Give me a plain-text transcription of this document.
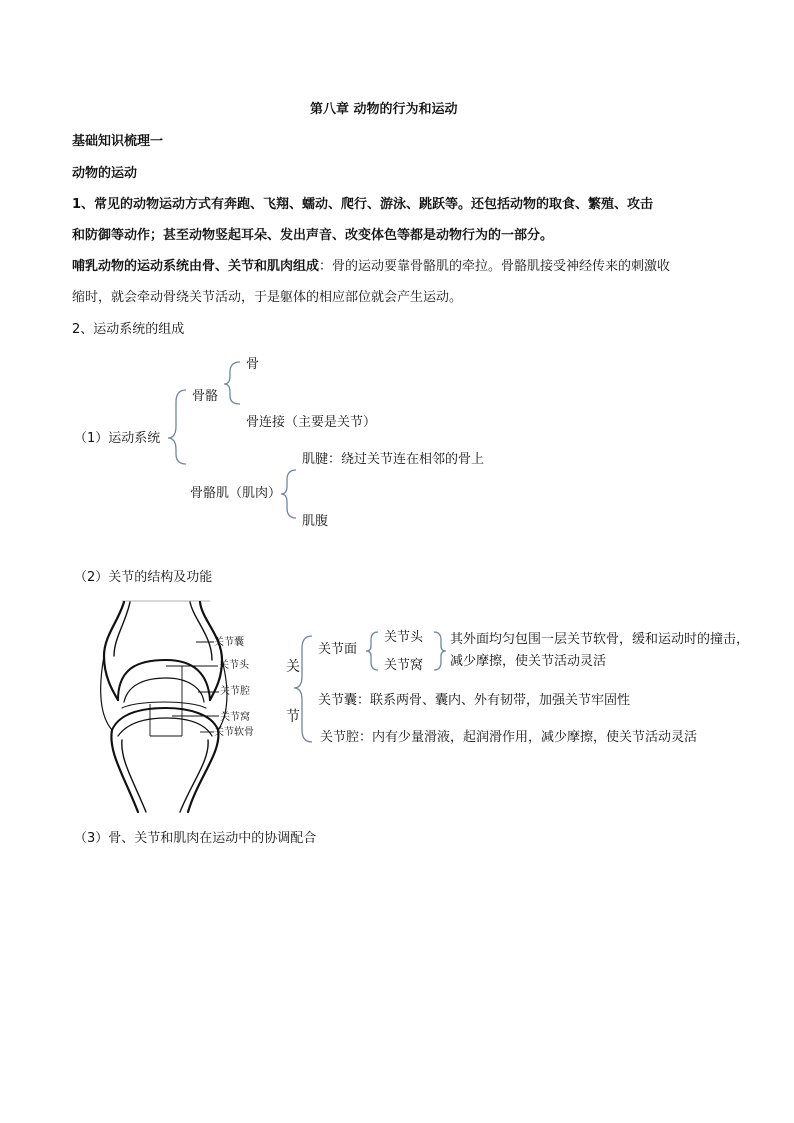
第八章 动物的行为和运动
基础知识梳理一
动物的运动
1、常见的动物运动方式有奔跑、飞翔、蠕动、爬行、游泳、跳跃等。还包括动物的取食、繁殖、攻击
和防御等动作；甚至动物竖起耳朵、发出声音、改变体色等都是动物行为的一部分。
哺乳动物的运动系统由骨、关节和肌肉组成：骨的运动要靠骨骼肌的牵拉。骨骼肌接受神经传来的刺激收
缩时，就会牵动骨绕关节活动，于是躯体的相应部位就会产生运动。
2、运动系统的组成
（1）运动系统
骨骼
骨
骨连接（主要是关节）
骨骼肌（肌肉）
肌腱：绕过关节连在相邻的骨上
肌腹
（2）关节的结构及功能
关
节
关节面
关节头
关节窝
其外面均匀包围一层关节软骨，缓和运动时的撞击，
减少摩擦，使关节活动灵活
关节囊：联系两骨、囊内、外有韧带，加强关节牢固性
关节腔：内有少量滑液，起润滑作用，减少摩擦，使关节活动灵活
关节囊
关节头
关节腔
关节窝
关节软骨
（3）骨、关节和肌肉在运动中的协调配合
